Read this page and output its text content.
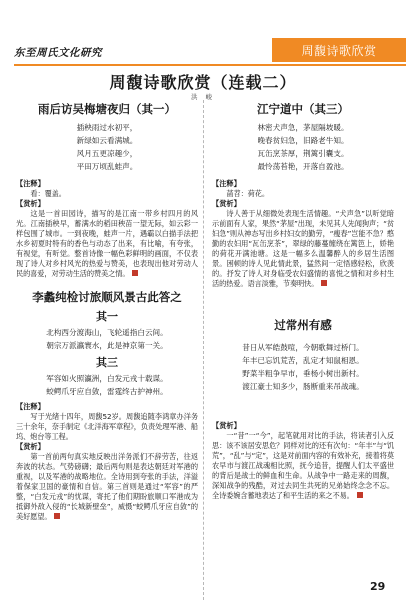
东至周氏文化研究	周馥诗歌欣赏
周馥诗歌欣赏（连载二）
洪 峻
雨后访吴梅塘夜归（其一）
插秧雨过水初平，
新绿如云看满城。
风月五更凉趣少，
平田万顷乱蛙声。
【注释】
看：覆盖。
【赏析】
这是一首田园诗，描写的是江南一带乡村四月的风光。江南插秧早，蓄满水的稻田秧苗一望无际，如云彩一样包围了城市。一到夜晚，蛙声一片，遇霸以白描手法把水乡初夏时特有的香色与动态了出来，有比喻，有夸张，有视觉，有听觉。整首诗像一幅色彩鲜明的画面，不仅表现了诗人对乡村风光的热爱与赞美，也表现出他对劳动人民的喜爱，对劳动生活的赞美之情。
李蠡纯检讨旅顺风景古此答之
其一
北构西分渡海山，飞轮遥指白云间。
朝宗万派瀛寰水，此是神京第一关。
其三
军容如火照瀛洲，白发元戎十载谋。
蛟鳄爪牙应自敛，雷霆终古护神州。
【注释】
写于光绪十四年，周馥52岁。周馥追随李鸿章办洋务三十余年，奈手制定《北洋海军章程》，负责处理军港、船坞、炮台等工程。
【赏析】
第一首前两句真实地反映出洋务派们不辞劳苦，往返奔波的状态。气势磅礴；最后两句则是表达朝廷对军港的重视，以及军港的战略地位。全诗用到夸张的手法，洋溢着保家卫国的豪情和自信。第三首则是通过“军容”的严整，“白发元戎”的忧谋，寄托了他们期盼旅顺口军港成为抵御外敌入侵的“长城新壁垒”，威慑“蛟鳄爪牙应自敛”的美好愿望。
江宁道中（其三）
林密犬声急，茅屋隔坡暖。
晚春贫妇急，旧路老牛知。
瓦缶烹茶厚，荆篱引囊支。
最怜荡苔艳，开落自盈池。
【注释】
菡苕：荷花。
【赏析】
诗人善于从细微处表现生活情趣。“犬声急”以听觉暗示前面有人家，果然“茅屋”出现，未见其人先闻狗声；“贫妇急”则从神态写出乡村妇女的勤劳，“瘦春”岂能不急？憨勤的农妇用“瓦缶烹茶”，翠绿的藤蔓缠绕在篱笆上，娇艳的荷花开满池塘。这是一幅多么温馨醉人的乡居生活图景。困顿的诗人见此情此景，猛然间一定悟感轻松，欣羡的。抒发了诗人对身临受农妇盛情的喜悦之情和对乡村生活的热爱。语言淡雅，节奏明快。
过常州有感
昔日从军皓鼓喧，今朝歌舞过桥门。
年丰已忘饥荒苦，乱定才知鼠相恩。
野菜半粗争早市，垂杨小树出新村。
渡江豪士知多少，肠断重来吊战魂。
【赏析】
一“昔”一“今”，起笔就用对比的手法，将读者引入反思：该不该居安思危？同样对比的还有次句：“年丰”与“饥荒”，“乱”与“定”，这是对前面内容的有效补充，接着将莫农早市与渡江战魂相比照，抚今追昔，提醒人们太平盛世的背后是战士的鲜血和生命。从战争中一路走来的周馥，深知战争的残酷，对过去同生共死的兄弟始终念念不忘。全诗委婉含蓄地表达了和平生活的来之不易。
29
